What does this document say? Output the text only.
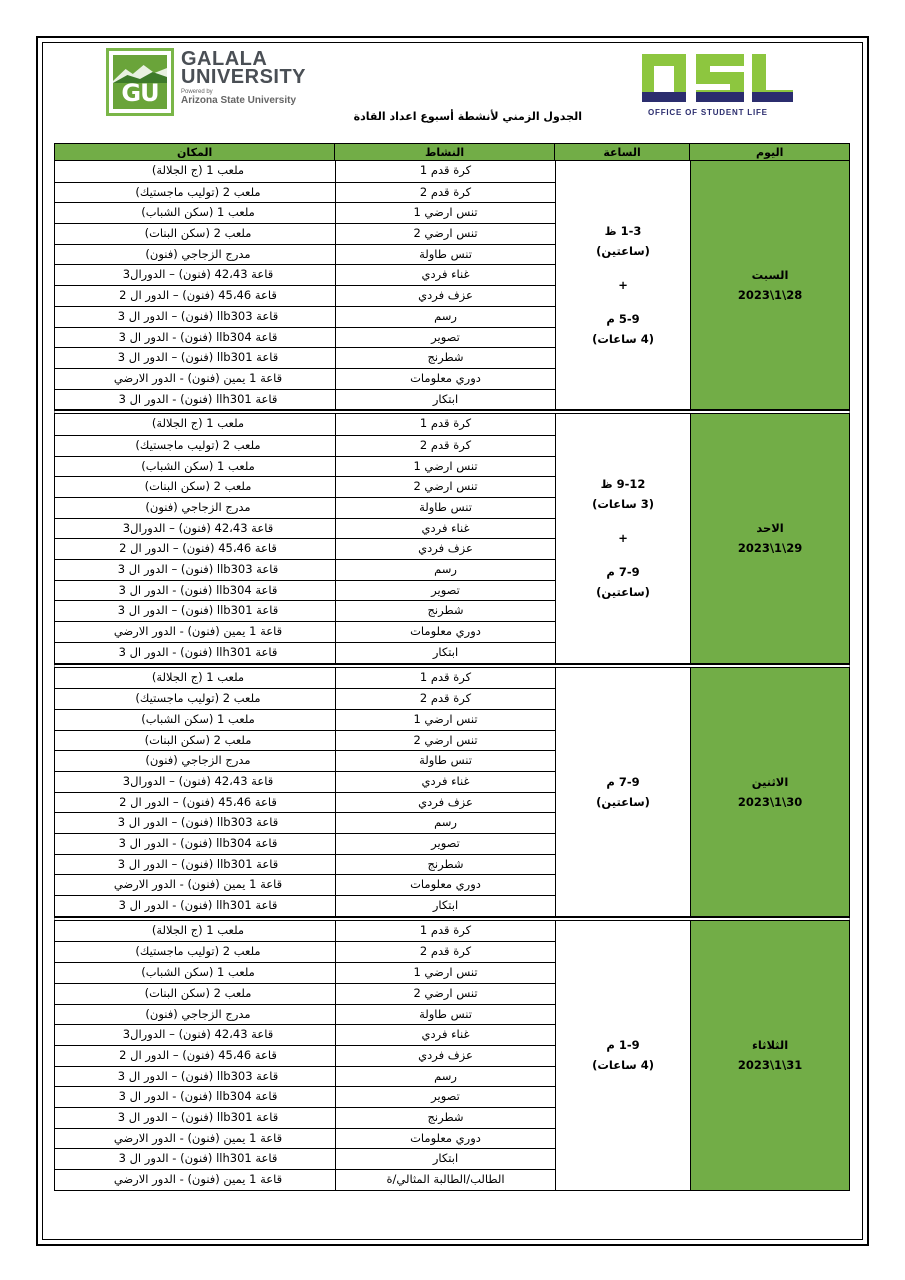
GU
GALALA
UNIVERSITY
Powered by
Arizona State University
OFFICE OF STUDENT LIFE
الجدول الزمني لأنشطة أسبوع اعداد القادة
اليوم
الساعة
النشاط
المكان
السبت
2023\1\28
1-3 ظ
(ساعتين)
+
5-9 م
(4 ساعات)
كرة قدم 1
ملعب 1 (ج الجلالة)
كرة قدم 2
ملعب 2 (توليب ماجستيك)
تنس ارضي 1
ملعب 1 (سكن الشباب)
تنس ارضي 2
ملعب 2 (سكن البنات)
تنس طاولة
مدرج الزجاجي (فنون)
غناء فردي
قاعة 42،43 (فنون) – الدورال3
عزف فردي
قاعة 45،46 (فنون) – الدور ال 2
رسم
قاعة llb303 (فنون) – الدور ال 3
تصوير
قاعة llb304 (فنون) - الدور ال 3
شطرنج
قاعة llb301 (فنون) – الدور ال 3
دوري معلومات
قاعة 1 يمين (فنون) - الدور الارضي
ابتكار
قاعة llh301 (فنون) - الدور ال 3
الاحد
2023\1\29
9-12 ظ
(3 ساعات)
+
7-9 م
(ساعتين)
كرة قدم 1
ملعب 1 (ج الجلالة)
كرة قدم 2
ملعب 2 (توليب ماجستيك)
تنس ارضي 1
ملعب 1 (سكن الشباب)
تنس ارضي 2
ملعب 2 (سكن البنات)
تنس طاولة
مدرج الزجاجي (فنون)
غناء فردي
قاعة 42،43 (فنون) – الدورال3
عزف فردي
قاعة 45،46 (فنون) – الدور ال 2
رسم
قاعة llb303 (فنون) – الدور ال 3
تصوير
قاعة llb304 (فنون) - الدور ال 3
شطرنج
قاعة llb301 (فنون) – الدور ال 3
دوري معلومات
قاعة 1 يمين (فنون) - الدور الارضي
ابتكار
قاعة llh301 (فنون) - الدور ال 3
الاثنين
2023\1\30
7-9 م
(ساعتين)
كرة قدم 1
ملعب 1 (ج الجلالة)
كرة قدم 2
ملعب 2 (توليب ماجستيك)
تنس ارضي 1
ملعب 1 (سكن الشباب)
تنس ارضي 2
ملعب 2 (سكن البنات)
تنس طاولة
مدرج الزجاجي (فنون)
غناء فردي
قاعة 42،43 (فنون) – الدورال3
عزف فردي
قاعة 45،46 (فنون) – الدور ال 2
رسم
قاعة llb303 (فنون) – الدور ال 3
تصوير
قاعة llb304 (فنون) - الدور ال 3
شطرنج
قاعة llb301 (فنون) – الدور ال 3
دوري معلومات
قاعة 1 يمين (فنون) - الدور الارضي
ابتكار
قاعة llh301 (فنون) - الدور ال 3
الثلاثاء
2023\1\31
1-9 م
(4 ساعات)
كرة قدم 1
ملعب 1 (ج الجلالة)
كرة قدم 2
ملعب 2 (توليب ماجستيك)
تنس ارضي 1
ملعب 1 (سكن الشباب)
تنس ارضي 2
ملعب 2 (سكن البنات)
تنس طاولة
مدرج الزجاجي (فنون)
غناء فردي
قاعة 42،43 (فنون) – الدورال3
عزف فردي
قاعة 45،46 (فنون) – الدور ال 2
رسم
قاعة llb303 (فنون) – الدور ال 3
تصوير
قاعة llb304 (فنون) - الدور ال 3
شطرنج
قاعة llb301 (فنون) – الدور ال 3
دوري معلومات
قاعة 1 يمين (فنون) - الدور الارضي
ابتكار
قاعة llh301 (فنون) - الدور ال 3
الطالب/الطالبة المثالي/ة
قاعة 1 يمين (فنون) - الدور الارضي
